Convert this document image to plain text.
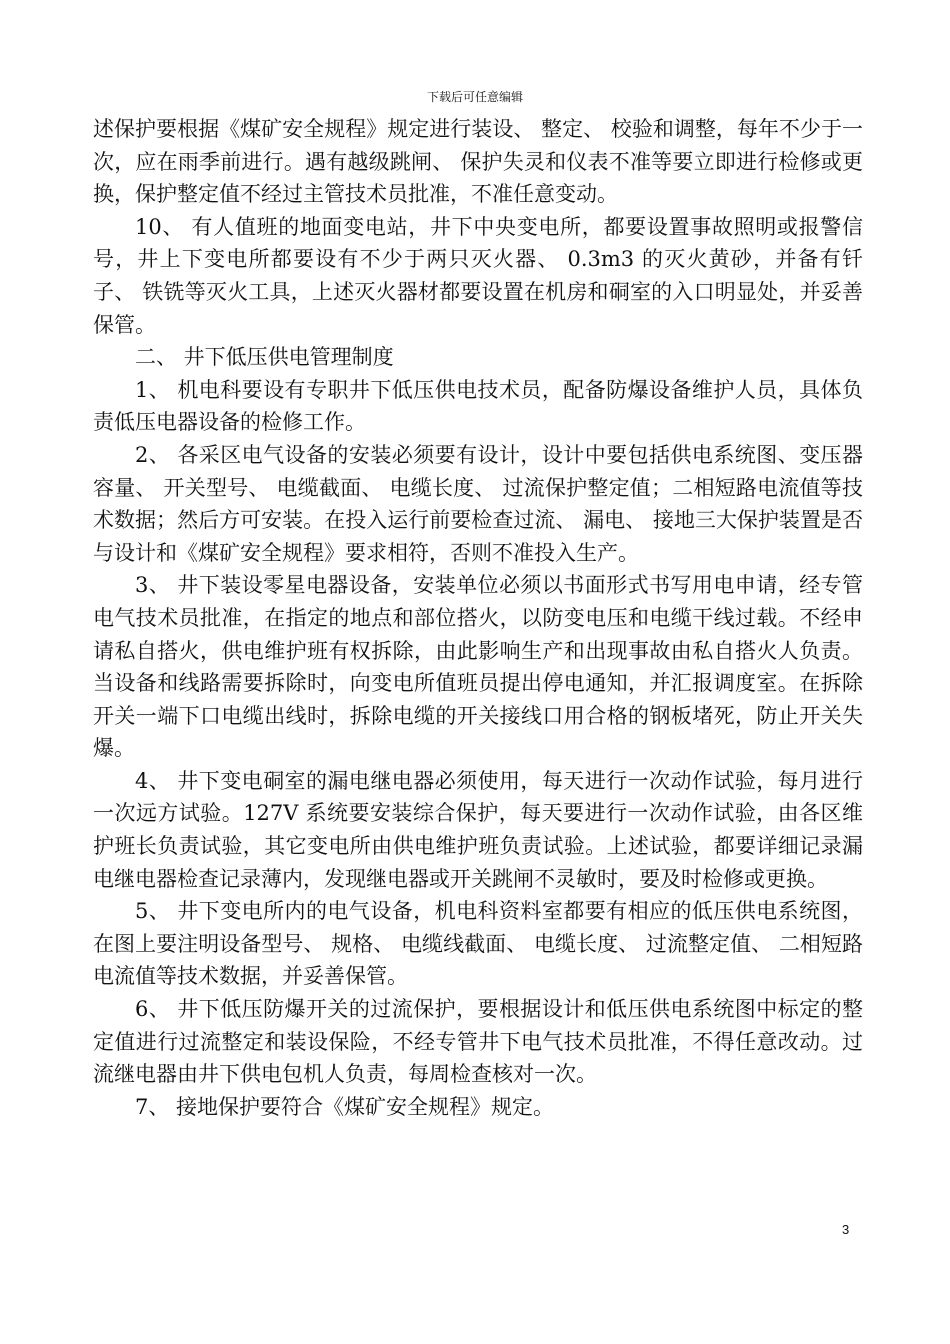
下载后可任意编辑

述保护要根据《煤矿安全规程》规定进行装设、 整定、 校验和调整，每年不少于一次，应在雨季前进行。遇有越级跳闸、 保护失灵和仪表不准等要立即进行检修或更换，保护整定值不经过主管技术员批准，不准任意变动。

10、 有人值班的地面变电站，井下中央变电所，都要设置事故照明或报警信号，井上下变电所都要设有不少于两只灭火器、 0.3m3 的灭火黄砂，并备有钎子、 铁铣等灭火工具，上述灭火器材都要设置在机房和硐室的入口明显处，并妥善保管。

二、 井下低压供电管理制度

1、 机电科要设有专职井下低压供电技术员，配备防爆设备维护人员，具体负责低压电器设备的检修工作。

2、 各采区电气设备的安装必须要有设计，设计中要包括供电系统图、变压器容量、 开关型号、 电缆截面、 电缆长度、 过流保护整定值；二相短路电流值等技术数据；然后方可安装。在投入运行前要检查过流、 漏电、 接地三大保护装置是否与设计和《煤矿安全规程》要求相符，否则不准投入生产。

3、 井下装设零星电器设备，安装单位必须以书面形式书写用电申请，经专管电气技术员批准，在指定的地点和部位搭火，以防变电压和电缆干线过载。不经申请私自搭火，供电维护班有权拆除，由此影响生产和出现事故由私自搭火人负责。当设备和线路需要拆除时，向变电所值班员提出停电通知，并汇报调度室。在拆除开关一端下口电缆出线时，拆除电缆的开关接线口用合格的钢板堵死，防止开关失爆。

4、 井下变电硐室的漏电继电器必须使用，每天进行一次动作试验，每月进行一次远方试验。127V 系统要安装综合保护，每天要进行一次动作试验，由各区维护班长负责试验，其它变电所由供电维护班负责试验。上述试验，都要详细记录漏电继电器检查记录薄内，发现继电器或开关跳闸不灵敏时，要及时检修或更换。

5、 井下变电所内的电气设备，机电科资料室都要有相应的低压供电系统图，在图上要注明设备型号、 规格、 电缆线截面、 电缆长度、 过流整定值、 二相短路电流值等技术数据，并妥善保管。

6、 井下低压防爆开关的过流保护，要根据设计和低压供电系统图中标定的整定值进行过流整定和装设保险，不经专管井下电气技术员批准，不得任意改动。过流继电器由井下供电包机人负责，每周检查核对一次。

7、 接地保护要符合《煤矿安全规程》规定。

3
